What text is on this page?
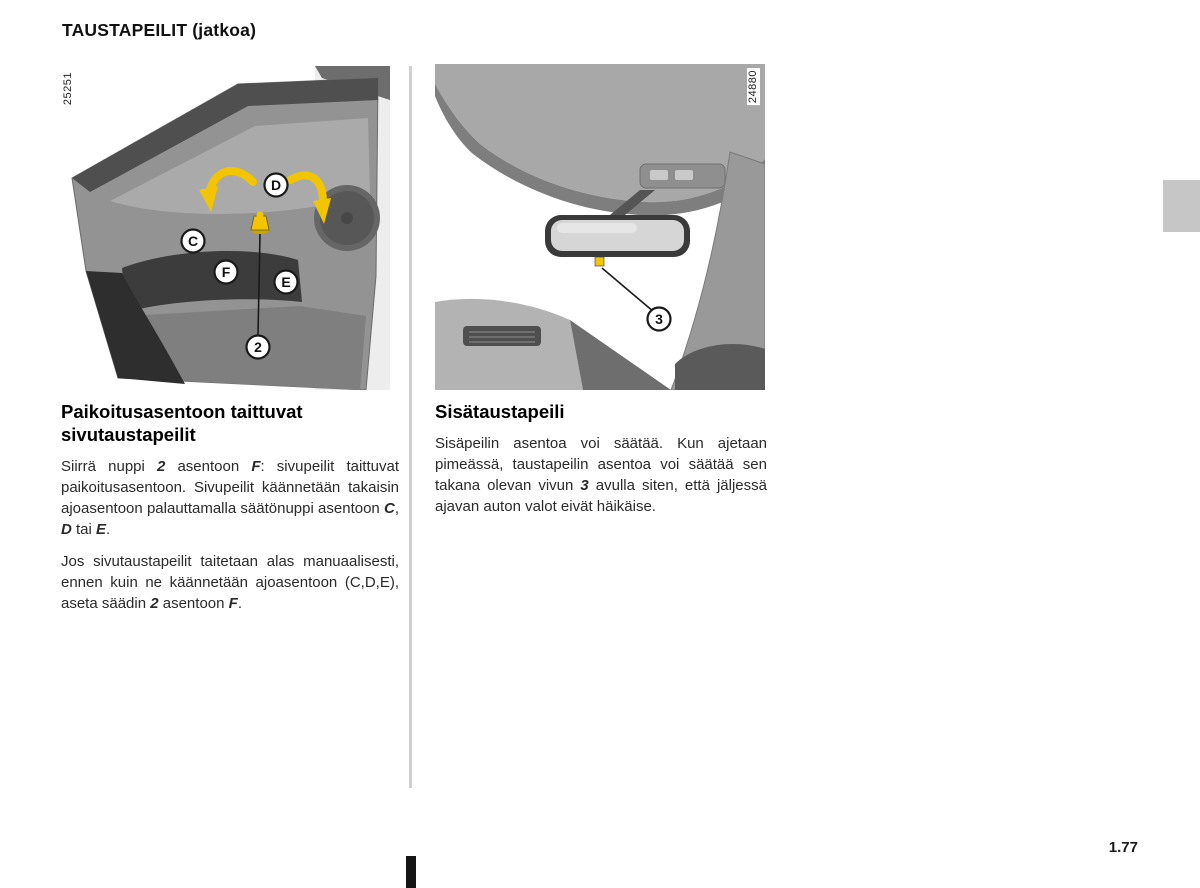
TAUSTAPEILIT (jatkoa)
D
C
F
E
2
25251
3
24880
Paikoitusasentoon taittuvat sivutaustapeilit

Siirrä nuppi 2 asentoon F: sivupeilit taittuvat paikoitusasentoon. Sivupeilit käännetään takaisin ajoasentoon palauttamalla säätönuppi asentoon C, D tai E.

Jos sivutaustapeilit taitetaan alas manuaalisesti, ennen kuin ne käännetään ajoasentoon (C,D,E), aseta säädin 2 asentoon F.

Sisätaustapeili

Sisäpeilin asentoa voi säätää. Kun ajetaan pimeässä, taustapeilin asentoa voi säätää sen takana olevan vivun 3 avulla siten, että jäljessä ajavan auton valot eivät häikäise.

1.77
